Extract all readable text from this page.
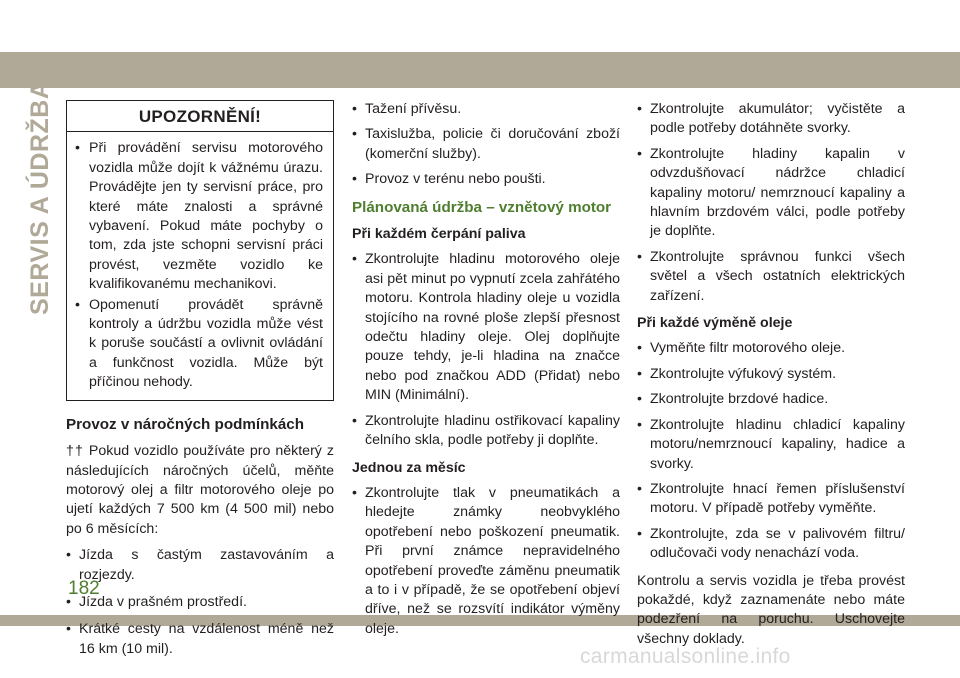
SERVIS A ÚDRŽBA	UPOZORNĚNÍ!
• Při provádění servisu motorového vozidla může dojít k vážnému úrazu. Provádějte jen ty servisní práce, pro které máte znalosti a správné vybavení. Pokud máte pochyby o tom, zda jste schopni servisní práci provést, vezměte vozidlo ke kvalifikovanému mechanikovi.
• Opomenutí provádět správně kontroly a údržbu vozidla může vést k poruše součástí a ovlivnit ovládání a funkčnost vozidla. Může být příčinou nehody.
Provoz v náročných podmínkách

†† Pokud vozidlo používáte pro některý z následujících náročných účelů, měňte motorový olej a filtr motorového oleje po ujetí každých 7 500 km (4 500 mil) nebo po 6 měsících:

• Jízda s častým zastavováním a rozjezdy.
• Jízda v prašném prostředí.
• Krátké cesty na vzdálenost méně než 16 km (10 mil).
• Tažení přívěsu.
• Taxislužba, policie či doručování zboží (komerční služby).
• Provoz v terénu nebo poušti.
Plánovaná údržba – vznětový motor
Při každém čerpání paliva
• Zkontrolujte hladinu motorového oleje asi pět minut po vypnutí zcela zahřátého motoru. Kontrola hladiny oleje u vozidla stojícího na rovné ploše zlepší přesnost odečtu hladiny oleje. Olej doplňujte pouze tehdy, je-li hladina na značce nebo pod značkou ADD (Přidat) nebo MIN (Minimální).
• Zkontrolujte hladinu ostřikovací kapaliny čelního skla, podle potřeby ji doplňte.
Jednou za měsíc
• Zkontrolujte tlak v pneumatikách a hledejte známky neobvyklého opotřebení nebo poškození pneumatik. Při první známce nepravidelného opotřebení proveďte záměnu pneumatik a to i v případě, že se opotřebení objeví dříve, než se rozsvítí indikátor výměny oleje.
• Zkontrolujte akumulátor; vyčistěte a podle potřeby dotáhněte svorky.
• Zkontrolujte hladiny kapalin v odvzdušňovací nádržce chladicí kapaliny motoru/ nemrznoucí kapaliny a hlavním brzdovém válci, podle potřeby je doplňte.
• Zkontrolujte správnou funkci všech světel a všech ostatních elektrických zařízení.
Při každé výměně oleje
• Vyměňte filtr motorového oleje.
• Zkontrolujte výfukový systém.
• Zkontrolujte brzdové hadice.
• Zkontrolujte hladinu chladicí kapaliny motoru/nemrznoucí kapaliny, hadice a svorky.
• Zkontrolujte hnací řemen příslušenství motoru. V případě potřeby vyměňte.
• Zkontrolujte, zda se v palivovém filtru/ odlučovači vody nenachází voda.

Kontrolu a servis vozidla je třeba provést pokaždé, když zaznamenáte nebo máte podezření na poruchu. Uschovejte všechny doklady.

182
carmanualsonline.info
